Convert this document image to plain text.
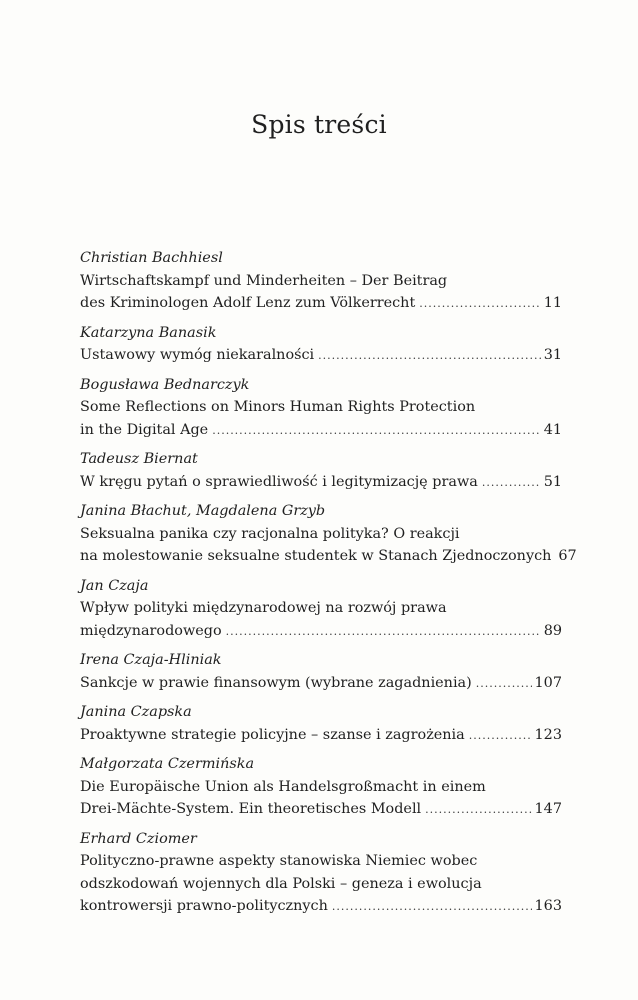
Spis treści
Christian Bachhiesl
Wirtschaftskampf und Minderheiten – Der Beitrag
des Kriminologen Adolf Lenz zum Völkerrecht .....	11
Katarzyna Banasik
Ustawowy wymóg niekaralności .....	31
Bogusława Bednarczyk
Some Reflections on Minors Human Rights Protection
in the Digital Age .....	41
Tadeusz Biernat
W kręgu pytań o sprawiedliwość i legitymizację prawa .....	51
Janina Błachut, Magdalena Grzyb
Seksualna panika czy racjonalna polityka? O reakcji
na molestowanie seksualne studentek w Stanach Zjednoczonych 67
Jan Czaja
Wpływ polityki międzynarodowej na rozwój prawa
międzynarodowego .....	89
Irena Czaja-Hliniak
Sankcje w prawie finansowym (wybrane zagadnienia) .....	107
Janina Czapska
Proaktywne strategie policyjne – szanse i zagrożenia .....	123
Małgorzata Czermińska
Die Europäische Union als Handelsgroßmacht in einem
Drei-Mächte-System. Ein theoretisches Modell .....	147
Erhard Cziomer
Polityczno-prawne aspekty stanowiska Niemiec wobec
odszkodowań wojennych dla Polski – geneza i ewolucja
kontrowersji prawno-politycznych .....	163
